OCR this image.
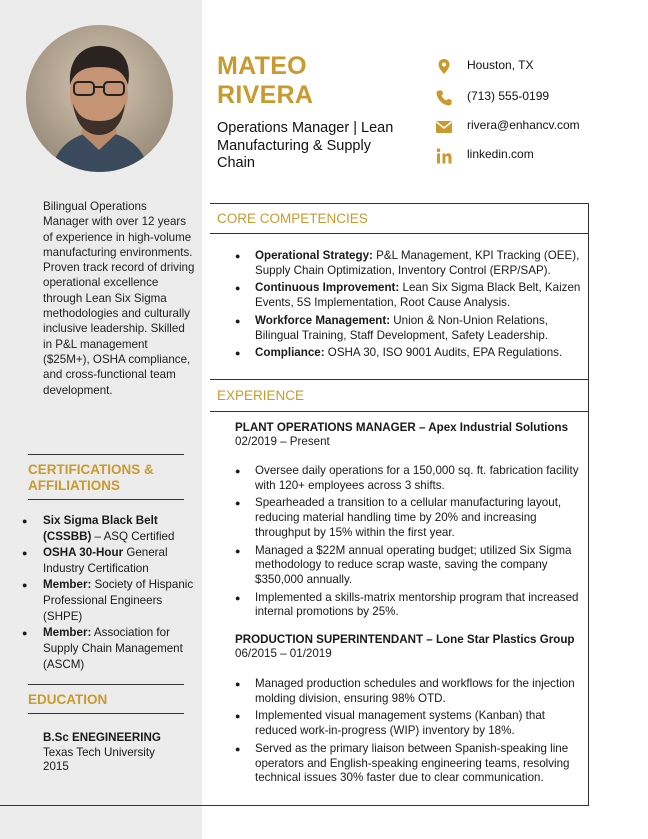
Bilingual Operations Manager with over 12 years of experience in high-volume manufacturing environments. Proven track record of driving operational excellence through Lean Six Sigma methodologies and culturally inclusive leadership. Skilled in P&L management ($25M+), OSHA compliance, and cross-functional team development.
CERTIFICATIONS & AFFILIATIONS
● Six Sigma Black Belt (CSSBB) – ASQ Certified
● OSHA 30-Hour General Industry Certification
● Member: Society of Hispanic Professional Engineers (SHPE)
● Member: Association for Supply Chain Management (ASCM)
EDUCATION
B.Sc ENEGINEERING
Texas Tech University
2015
MATEO
RIVERA
Operations Manager | Lean Manufacturing & Supply Chain
Houston, TX
(713) 555-0199
rivera@enhancv.com
linkedin.com
CORE COMPETENCIES
● Operational Strategy: P&L Management, KPI Tracking (OEE), Supply Chain Optimization, Inventory Control (ERP/SAP).
● Continuous Improvement: Lean Six Sigma Black Belt, Kaizen Events, 5S Implementation, Root Cause Analysis.
● Workforce Management: Union & Non-Union Relations, Bilingual Training, Staff Development, Safety Leadership.
● Compliance: OSHA 30, ISO 9001 Audits, EPA Regulations.
EXPERIENCE
PLANT OPERATIONS MANAGER – Apex Industrial Solutions
02/2019 – Present
● Oversee daily operations for a 150,000 sq. ft. fabrication facility with 120+ employees across 3 shifts.
● Spearheaded a transition to a cellular manufacturing layout, reducing material handling time by 20% and increasing throughput by 15% within the first year.
● Managed a $22M annual operating budget; utilized Six Sigma methodology to reduce scrap waste, saving the company $350,000 annually.
● Implemented a skills-matrix mentorship program that increased internal promotions by 25%.
PRODUCTION SUPERINTENDANT – Lone Star Plastics Group
06/2015 – 01/2019
● Managed production schedules and workflows for the injection molding division, ensuring 98% OTD.
● Implemented visual management systems (Kanban) that reduced work-in-progress (WIP) inventory by 18%.
● Served as the primary liaison between Spanish-speaking line operators and English-speaking engineering teams, resolving technical issues 30% faster due to clear communication.
